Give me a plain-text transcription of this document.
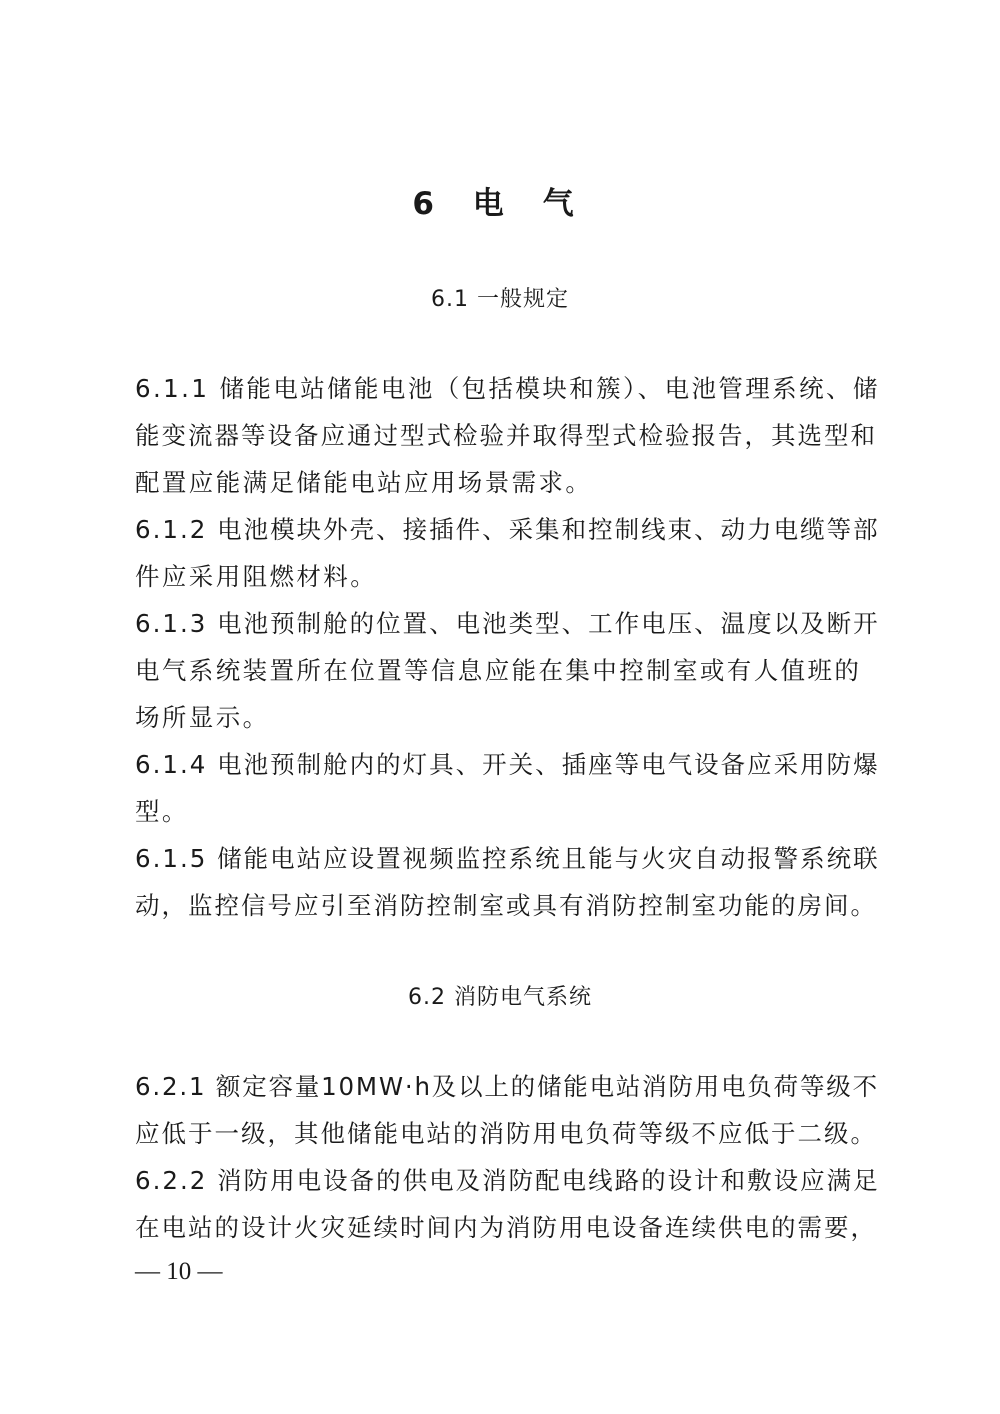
6 电 气
6.1 一般规定
6.1.1 储能电站储能电池（包括模块和簇）、电池管理系统、储
能变流器等设备应通过型式检验并取得型式检验报告，其选型和
配置应能满足储能电站应用场景需求。
6.1.2 电池模块外壳、接插件、采集和控制线束、动力电缆等部
件应采用阻燃材料。
6.1.3 电池预制舱的位置、电池类型、工作电压、温度以及断开
电气系统装置所在位置等信息应能在集中控制室或有人值班的
场所显示。
6.1.4 电池预制舱内的灯具、开关、插座等电气设备应采用防爆
型。
6.1.5 储能电站应设置视频监控系统且能与火灾自动报警系统联
动，监控信号应引至消防控制室或具有消防控制室功能的房间。
6.2 消防电气系统
6.2.1 额定容量10MW·h及以上的储能电站消防用电负荷等级不
应低于一级，其他储能电站的消防用电负荷等级不应低于二级。
6.2.2 消防用电设备的供电及消防配电线路的设计和敷设应满足
在电站的设计火灾延续时间内为消防用电设备连续供电的需要，
— 10 —
